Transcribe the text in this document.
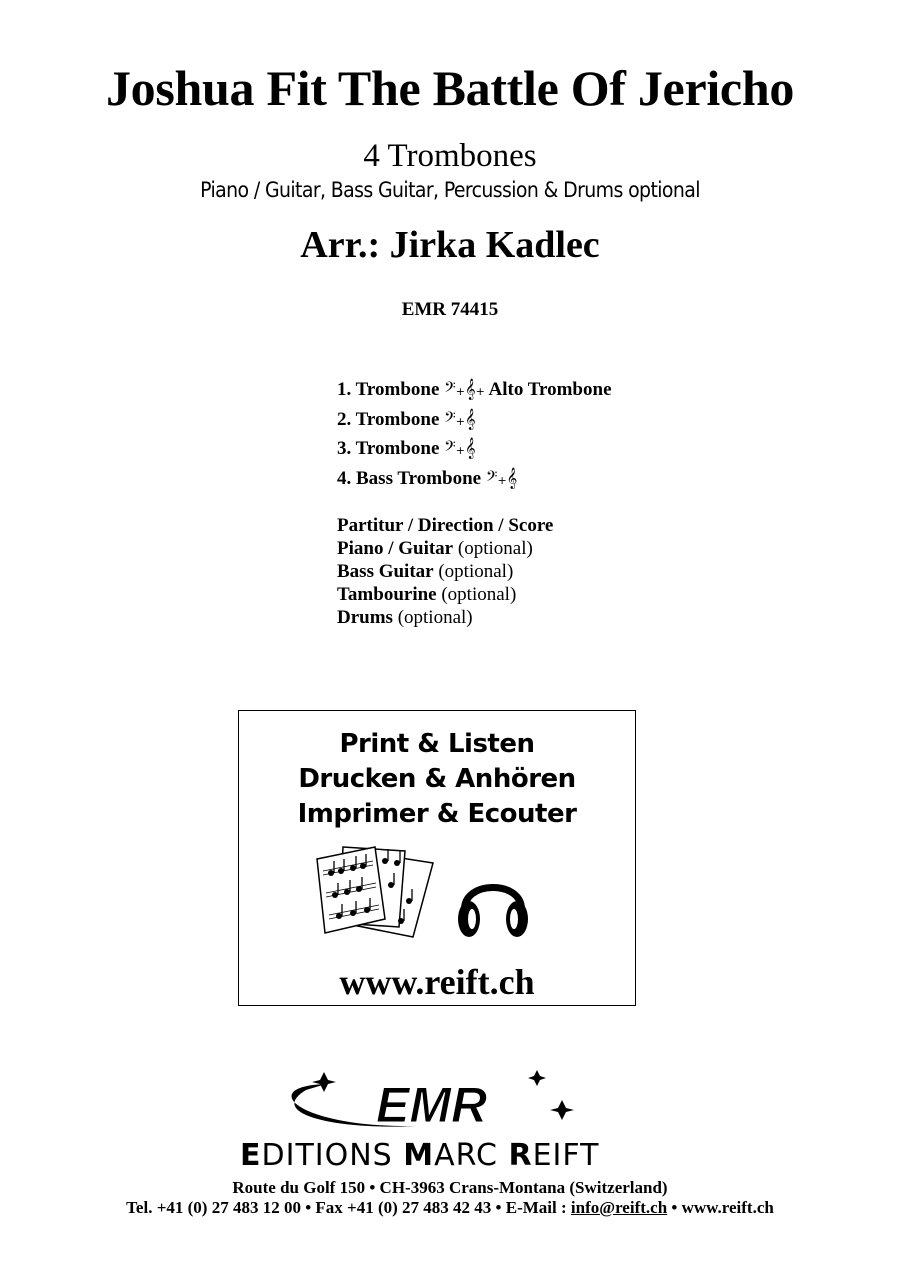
Joshua Fit The Battle Of Jericho
4 Trombones
Piano / Guitar, Bass Guitar, Percussion & Drums optional
Arr.: Jirka Kadlec
EMR 74415
1. Trombone 𝄢+𝄞+ Alto Trombone
2. Trombone 𝄢+𝄞
3. Trombone 𝄢+𝄞
4. Bass Trombone 𝄢+𝄞
Partitur / Direction / Score
Piano / Guitar (optional)
Bass Guitar (optional)
Tambourine (optional)
Drums (optional)
Print & Listen
Drucken & Anhören
Imprimer & Ecouter
www.reift.ch
EMR
EDITIONS MARC REIFT
Route du Golf 150 • CH-3963 Crans-Montana (Switzerland)
Tel. +41 (0) 27 483 12 00 • Fax +41 (0) 27 483 42 43 • E-Mail : info@reift.ch • www.reift.ch
